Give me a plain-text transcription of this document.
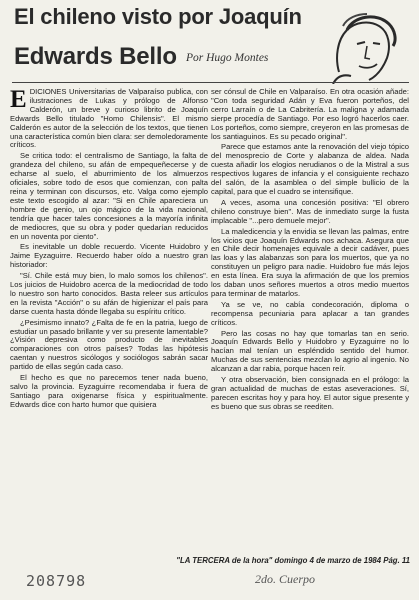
El chileno visto por Joaquín
Edwards Bello Por Hugo Montes

EDICIONES Universitarias de Valparaíso publica, con ilustraciones de Lukas y prólogo de Alfonso Calderón, un breve y curioso librito de Joaquín Edwards Bello titulado "Homo Chilensis". El mismo Calderón es autor de la selección de los textos, que tienen una característica común bien clara: ser demoledoramente críticos.

Se critica todo: el centralismo de Santiago, la falta de grandeza del chileno, su afán de empequeñecerse y de echarse al suelo, el aburrimiento de los almuerzos oficiales, sobre todo de esos que comienzan, con palta reina y terminan con discursos, etc. Valga como ejemplo este texto escogido al azar: "Si en Chile apareciera un hombre de genio, un ojo mágico de la vida nacional, tendría que hacer tales concesiones a la mayoría infinita de mediocres, que su obra y poder quedarían reducidos en un noventa por ciento".

Es inevitable un doble recuerdo. Vicente Huidobro y Jaime Eyzaguirre. Recuerdo haber oído a nuestro gran historiador:

"Sí. Chile está muy bien, lo malo somos los chilenos". Los juicios de Huidobro acerca de la mediocridad de todo lo nuestro son harto conocidos. Basta releer sus artículos en la revista "Acción" o su afán de higienizar el país para darse cuenta hasta dónde llegaba su espíritu crítico.

¿Pesimismo innato? ¿Falta de fe en la patria, luego de estudiar un pasado brillante y ver su presente lamentable? ¿Visión depresiva como producto de inevitables comparaciones con otros países? Todas las hipótesis caentan y nuestros sicólogos y sociólogos sabrán sacar partido de ellas según cada caso.

El hecho es que no parecemos tener nada bueno, salvo la provincia. Eyzaguirre recomendaba ir fuera de Santiago para oxigenarse física y espiritualmente. Edwards dice con harto humor que quisiera

ser cónsul de Chile en Valparaíso. En otra ocasión añade: "Con toda seguridad Adán y Eva fueron porteños, del cerro Larraín o de La Cabritería. La maligna y adamada sierpe procedía de Santiago. Por eso logró hacerlos caer. Los porteños, como siempre, creyeron en las promesas de los santiaguinos. Es su pecado original".

Parece que estamos ante la renovación del viejo tópico del menosprecio de Corte y alabanza de aldea. Nada cuesta añadir los elogios nerudianos o de la Mistral a sus respectivos lugares de infancia y el consiguiente rechazo del salón, de la asamblea o del simple bullicio de la capital, para que el cuadro se intensifique.

A veces, asoma una concesión positiva: "El obrero chileno construye bien". Mas de inmediato surge la fusta implacable "...pero demuele mejor".

La maledicencia y la envidia se llevan las palmas, entre los vicios que Joaquín Edwards nos achaca. Asegura que en Chile decir homenajes equivale a decir cadáver, pues las loas y las alabanzas son para los muertos, que ya no constituyen un peligro para nadie. Huidobro fue más lejos en esta línea. Era suya la afirmación de que los premios los daban unos señores muertos a otros medio muertos para terminar de matarlos.

Ya se ve, no cabía condecoración, diploma o recompensa pecuniaria para aplacar a tan grandes críticos.

Pero las cosas no hay que tomarlas tan en serio. Joaquín Edwards Bello y Huidobro y Eyzaguirre no lo hacían mal tenían un espléndido sentido del humor. Muchas de sus sentencias mezclan lo agrio al ingenio. No alcanzan a dar rabia, porque hacen reír.

Y otra observación, bien consignada en el prólogo: la gran actualidad de muchas de estas aseveraciones. Sí, parecen escritas hoy y para hoy. El autor sigue presente y es bueno que sus obras se reediten.

"LA TERCERA de la hora" domingo 4 de marzo de 1984 Pág. 11
208798	2do. Cuerpo
